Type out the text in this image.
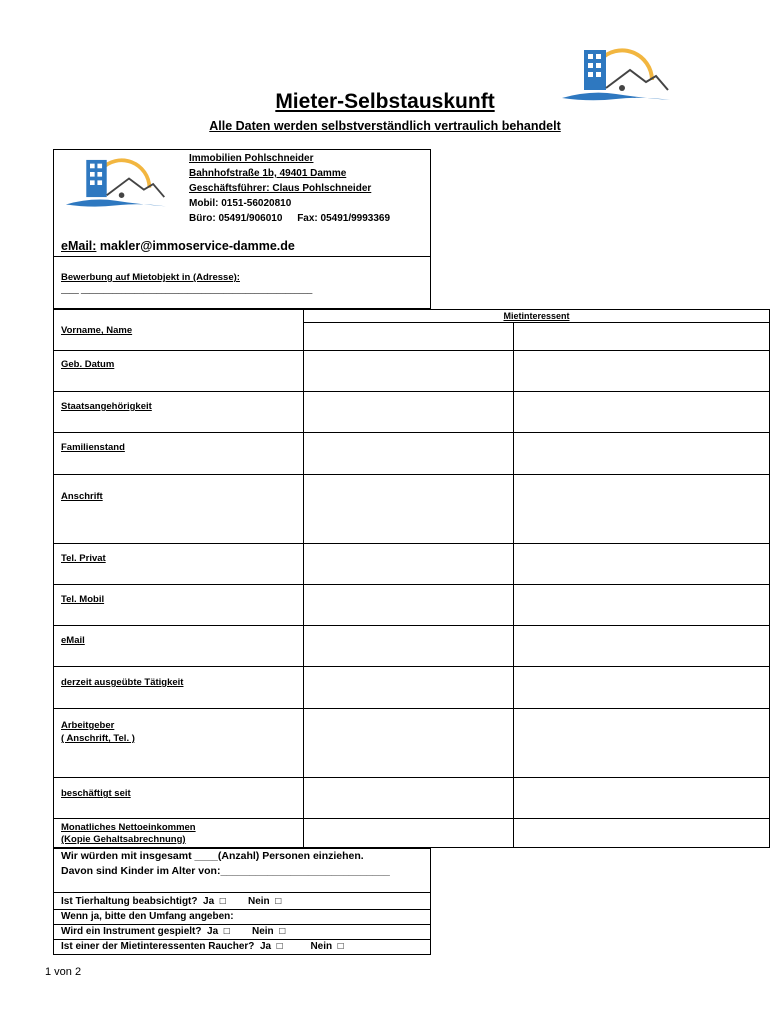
Mieter-Selbstauskunft
Alle Daten werden selbstverständlich vertraulich behandelt
Immobilien Pohlschneider
Bahnhofstraße 1b, 49401 Damme
Geschäftsführer: Claus Pohlschneider
Mobil: 0151-56020810
Büro: 05491/906010 Fax: 05491/9993369
eMail: makler@immoservice-damme.de
Bewerbung auf Mietobjekt in (Adresse):
____ ____________________________________________________
Mietinteressent
Vorname, Name
Geb. Datum
Staatsangehörigkeit
Familienstand
Anschrift
Tel. Privat
Tel. Mobil
eMail
derzeit ausgeübte Tätigkeit
Arbeitgeber
( Anschrift, Tel. )
beschäftigt seit
Monatliches Nettoeinkommen
(Kopie Gehaltsabrechnung)
Wir würden mit insgesamt ____(Anzahl) Personen einziehen.
Davon sind Kinder im Alter von:_____________________________
Ist Tierhaltung beabsichtigt?  Ja  □        Nein  □
Wenn ja, bitte den Umfang angeben:
Wird ein Instrument gespielt?  Ja  □        Nein  □
Ist einer der Mietinteressenten Raucher?  Ja  □          Nein  □
1 von 2
